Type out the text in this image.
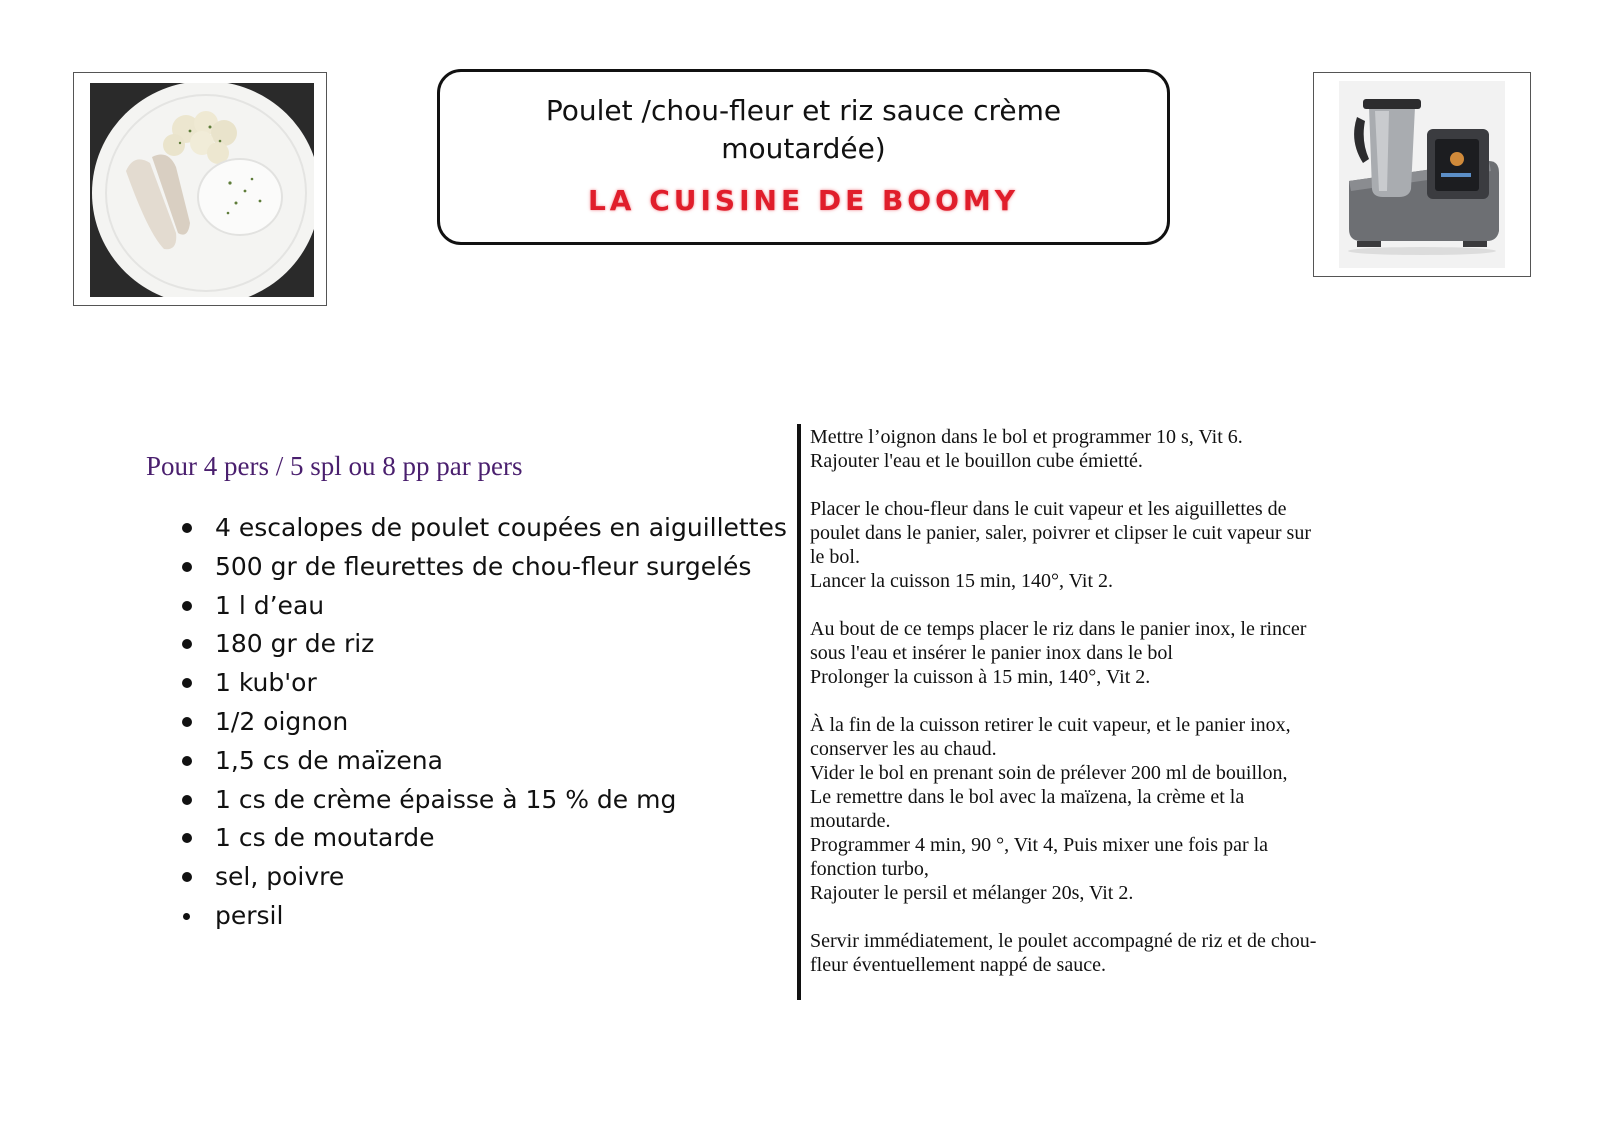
Poulet /chou-fleur et riz sauce crème
moutardée)
LA CUISINE DE BOOMY
Pour 4 pers / 5 spl ou 8 pp par pers
4 escalopes de poulet coupées en aiguillettes
500 gr de fleurettes de chou-fleur surgelés
1 l d’eau
180 gr de riz
1 kub'or
1/2 oignon
1,5 cs de maïzena
1 cs de crème épaisse à 15 % de mg
1 cs de moutarde
sel, poivre
persil
Mettre l’oignon dans le bol et programmer 10 s, Vit 6.
Rajouter l'eau et le bouillon cube émietté.
Placer le chou-fleur dans le cuit vapeur et les aiguillettes de
poulet dans le panier, saler, poivrer et clipser le cuit vapeur sur
le bol.
Lancer la cuisson 15 min, 140°, Vit 2.
Au bout de ce temps placer le riz dans le panier inox, le rincer
sous l'eau et insérer le panier inox dans le bol
Prolonger la cuisson à 15 min, 140°, Vit 2.
À la fin de la cuisson retirer le cuit vapeur, et le panier inox,
conserver les au chaud.
Vider le bol en prenant soin de prélever 200 ml de bouillon,
Le remettre dans le bol avec la maïzena, la crème et la
moutarde.
Programmer 4 min, 90 °, Vit 4, Puis mixer une fois par la
fonction turbo,
Rajouter le persil et mélanger 20s, Vit 2.
Servir immédiatement, le poulet accompagné de riz et de chou-
fleur éventuellement nappé de sauce.
